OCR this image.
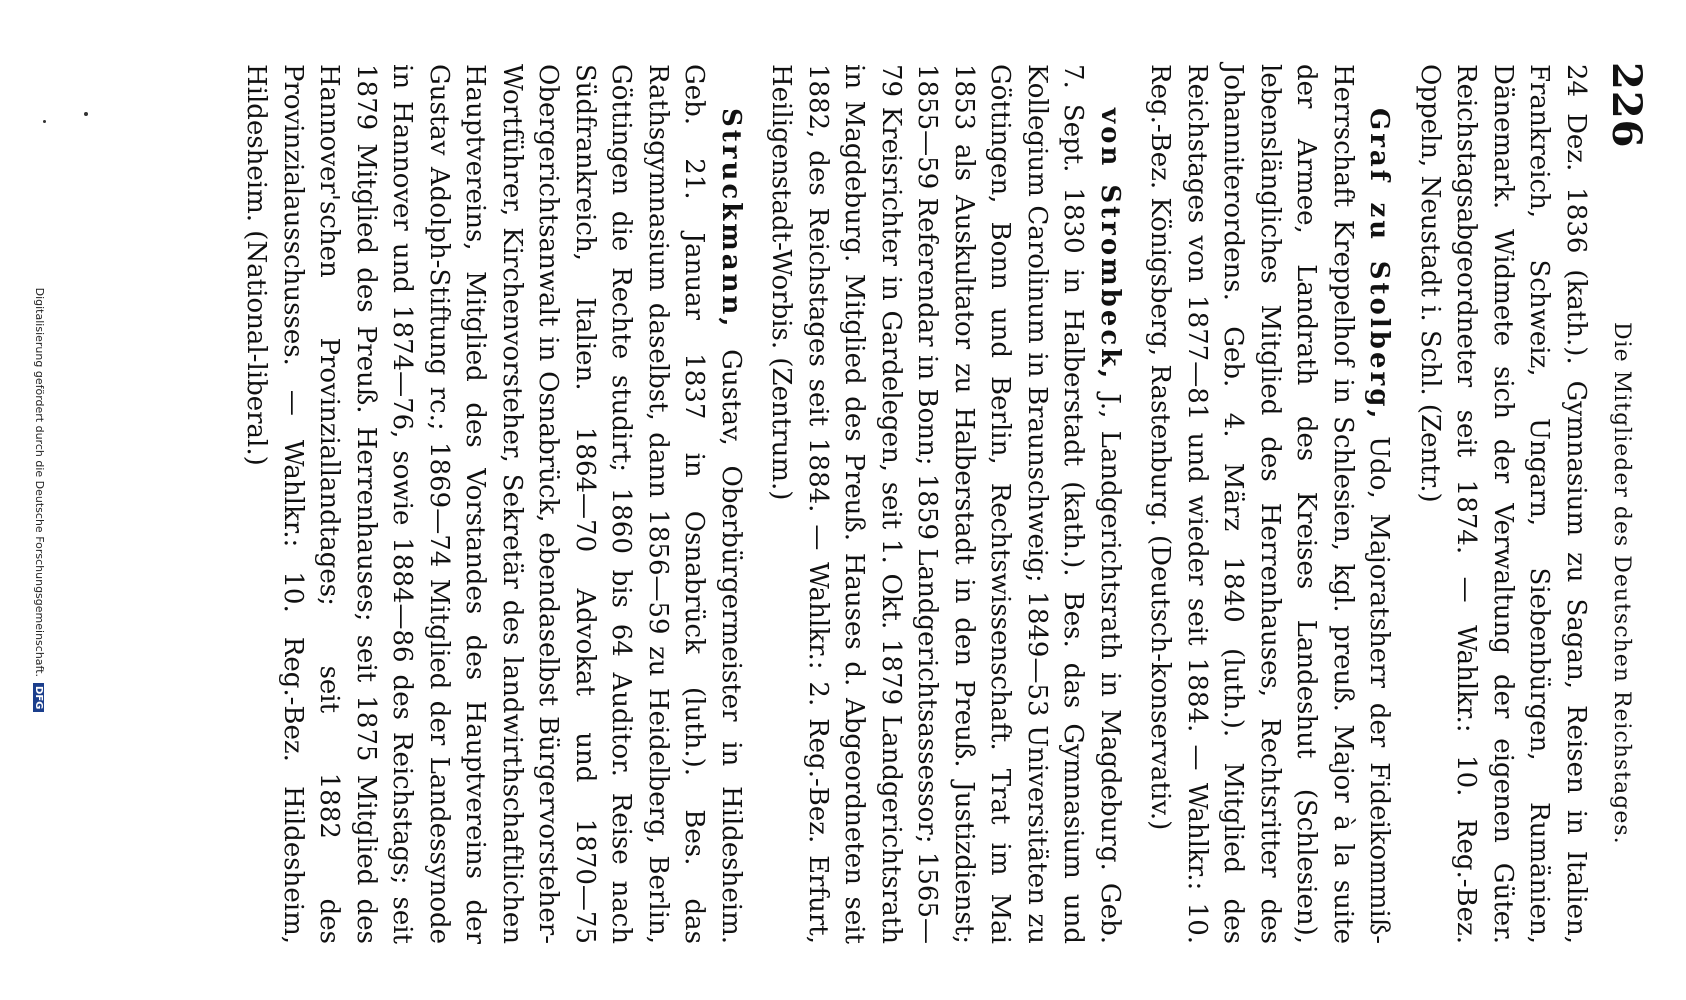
226
Die Mitglieder des Deutschen Reichstages.

24 Dez. 1836 (kath.). Gymnasium zu Sagan, Reisen in Italien, Frankreich, Schweiz, Ungarn, Siebenbürgen, Rumänien, Dänemark. Widmete sich der Verwaltung der eigenen Güter. Reichstagsabgeordneter seit 1874. — Wahlkr.: 10. Reg.-Bez. Oppeln, Neustadt i. Schl. (Zentr.)

Graf zu Stolberg, Udo, Majoratsherr der Fideikommiß-Herrschaft Kreppelhof in Schlesien, kgl. preuß. Major à la suite der Armee, Landrath des Kreises Landeshut (Schlesien), lebenslängliches Mitglied des Herrenhauses, Rechtsritter des Johanniterordens. Geb. 4. März 1840 (luth.). Mitglied des Reichstages von 1877—81 und wieder seit 1884. — Wahlkr.: 10. Reg.-Bez. Königsberg, Rastenburg. (Deutsch-konservativ.)

von Strombeck, J., Landgerichtsrath in Magdeburg. Geb. 7. Sept. 1830 in Halberstadt (kath.). Bes. das Gymnasium und Kollegium Carolinum in Braunschweig; 1849—53 Universitäten zu Göttingen, Bonn und Berlin, Rechtswissenschaft. Trat im Mai 1853 als Auskultator zu Halberstadt in den Preuß. Justizdienst; 1855—59 Referendar in Bonn; 1859 Landgerichtsassessor; 1565—79 Kreisrichter in Gardelegen, seit 1. Okt. 1879 Landgerichtsrath in Magdeburg. Mitglied des Preuß. Hauses d. Abgeordneten seit 1882, des Reichstages seit 1884. — Wahlkr.: 2. Reg.-Bez. Erfurt, Heiligenstadt-Worbis. (Zentrum.)

Struckmann, Gustav, Oberbürgermeister in Hildesheim. Geb. 21. Januar 1837 in Osnabrück (luth.). Bes. das Rathsgymnasium daselbst, dann 1856—59 zu Heidelberg, Berlin, Göttingen die Rechte studirt; 1860 bis 64 Auditor. Reise nach Südfrankreich, Italien. 1864—70 Advokat und 1870—75 Obergerichtsanwalt in Osnabrück, ebendaselbst Bürgervorsteher-Wortführer, Kirchenvorsteher, Sekretär des landwirthschaftlichen Hauptvereins, Mitglied des Vorstandes des Hauptvereins der Gustav Adolph-Stiftung rc.; 1869—74 Mitglied der Landessynode in Hannover und 1874—76, sowie 1884—86 des Reichstags; seit 1879 Mitglied des Preuß. Herrenhauses; seit 1875 Mitglied des Hannover'schen Provinziallandtages; seit 1882 des Provinzialausschusses. — Wahlkr.: 10. Reg.-Bez. Hildesheim, Hildesheim. (National-liberal.)

Digitalisierung gefördert durch die Deutsche Forschungsgemeinschaft.DFG
